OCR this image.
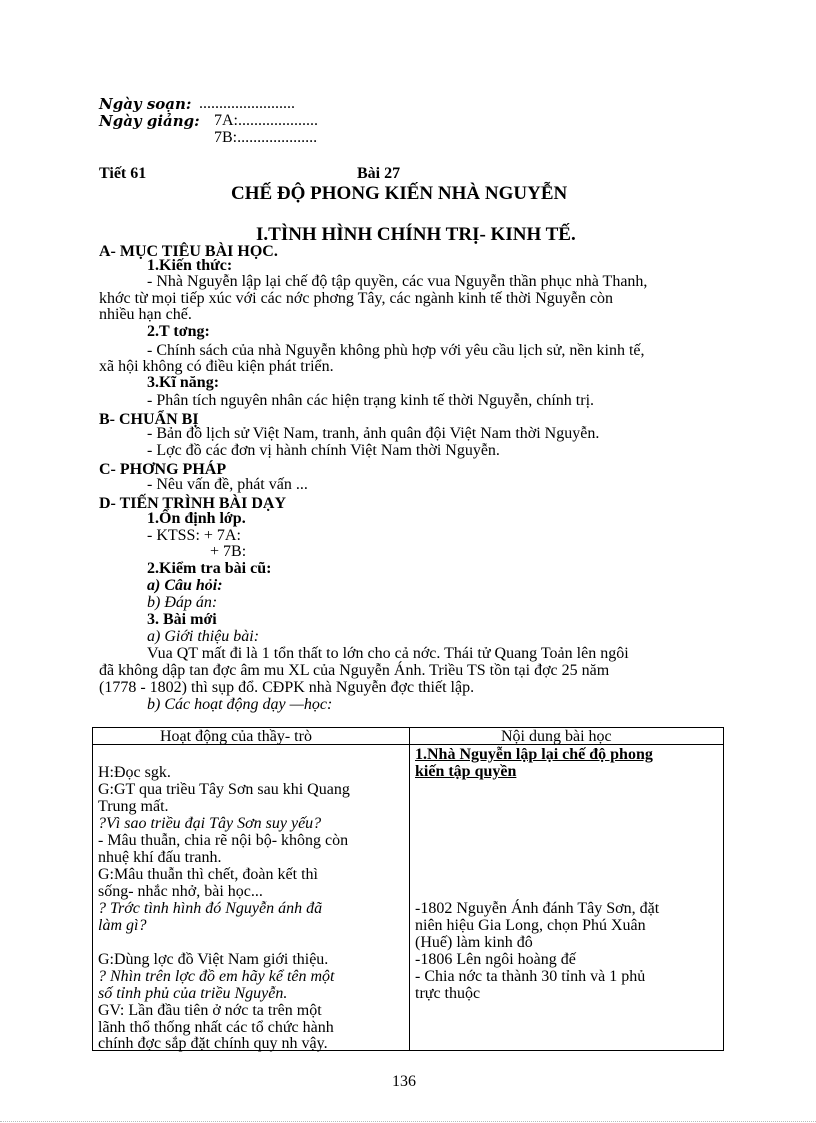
Ngày soạn: ........................
Ngày giảng: 7A:....................
7B:....................
Tiết 61	Bài 27
CHẾ ĐỘ PHONG KIẾN NHÀ NGUYỄN
I.TÌNH HÌNH CHÍNH TRỊ- KINH TẾ.
A- MỤC TIÊU BÀI HỌC.
1.Kiến thức:
- Nhà Nguyễn lập lại chế độ tập quyền, các vua Nguyễn thần phục nhà Thanh,
khớc từ mọi tiếp xúc với các nớc phơng Tây, các ngành kinh tế thời Nguyễn còn
nhiều hạn chế.
2.T tơng:
- Chính sách của nhà Nguyễn không phù hợp với yêu cầu lịch sử, nền kinh tế,
xã hội không có điều kiện phát triển.
3.Kĩ năng:
- Phân tích nguyên nhân các hiện trạng kinh tế thời Nguyễn, chính trị.
B- CHUẨN BỊ
- Bản đồ lịch sử Việt Nam, tranh, ảnh quân đội Việt Nam thời Nguyễn.
- Lợc đồ các đơn vị hành chính Việt Nam thời Nguyễn.
C- PHƠNG PHÁP
- Nêu vấn đề, phát vấn ...
D- TIẾN TRÌNH BÀI DẠY
1.Ổn định lớp.
- KTSS: + 7A:
+ 7B:
2.Kiểm tra bài cũ:
a) Câu hỏi:
b) Đáp án:
3. Bài mới
a) Giới thiệu bài:
Vua QT mất đi là 1 tổn thất to lớn cho cả nớc. Thái tử Quang Toản lên ngôi
đã không dập tan đợc âm mu XL của Nguyễn Ánh. Triều TS tồn tại đợc 25 năm
(1778 - 1802) thì sụp đổ. CĐPK nhà Nguyễn đợc thiết lập.
b) Các hoạt động dạy —học:
Hoạt động của thầy- trò	Nội dung bài học
1.Nhà Nguyễn lập lại chế độ phong
kiến tập quyền
H:Đọc sgk.
G:GT qua triều Tây Sơn sau khi Quang
Trung mất.
?Vì sao triều đại Tây Sơn suy yếu?
- Mâu thuẫn, chia rẽ nội bộ- không còn
nhuệ khí đấu tranh.
G:Mâu thuẫn thì chết, đoàn kết thì
sống- nhắc nhở, bài học...
? Trớc tình hình đó Nguyễn ánh đã
làm gì?
G:Dùng lợc đồ Việt Nam giới thiệu.
? Nhìn trên lợc đồ em hãy kể tên một
số tỉnh phủ của triều Nguyễn.
GV: Lần đầu tiên ở nớc ta trên một
lãnh thổ thống nhất các tổ chức hành
chính đợc sắp đặt chính quy nh vậy.
-1802 Nguyễn Ánh đánh Tây Sơn, đặt
niên hiệu Gia Long, chọn Phú Xuân
(Huế) làm kinh đô
-1806 Lên ngôi hoàng đế
- Chia nớc ta thành 30 tỉnh và 1 phủ
trực thuộc
136
